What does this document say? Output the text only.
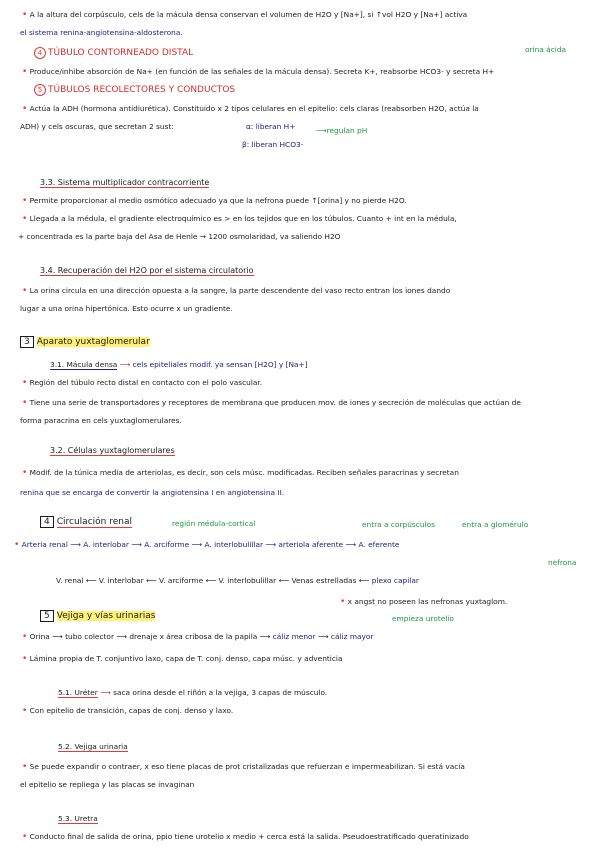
• A la altura del corpúsculo, cels de la mácula densa conservan el volumen de H2O y [Na+], si ↑vol H2O y [Na+] activa
el sistema renina-angiotensina-aldosterona.
4 TÚBULO CONTORNEADO DISTAL	orina ácida
• Produce/inhibe absorción de Na+ (en función de las señales de la mácula densa). Secreta K+, reabsorbe HCO3- y secreta H+
5 TÚBULOS RECOLECTORES Y CONDUCTOS
• Actúa la ADH (hormona antidiurética). Constituido x 2 tipos celulares en el epitelio: cels claras (reabsorben H2O, actúa la
ADH) y cels oscuras, que secretan 2 sust:	α: liberan H+	⟶regulan pH
β: liberan HCO3-
3.3. Sistema multiplicador contracorriente
• Permite proporcionar al medio osmótico adecuado ya que la nefrona puede ↑[orina] y no pierde H2O.
• Llegada a la médula, el gradiente electroquímico es > en los tejidos que en los túbulos. Cuanto + int en la médula,
+ concentrada es la parte baja del Asa de Henle → 1200 osmolaridad, va saliendo H2O
3.4. Recuperación del H2O por el sistema circulatorio
• La orina circula en una dirección opuesta a la sangre, la parte descendente del vaso recto entran los iones dando
lugar a una orina hipertónica. Esto ocurre x un gradiente.
3 Aparato yuxtaglomerular
3.1. Mácula densa ⟶ cels epiteliales modif. ya sensan [H2O] y [Na+]
• Región del túbulo recto distal en contacto con el polo vascular.
• Tiene una serie de transportadores y receptores de membrana que producen mov. de iones y secreción de moléculas que actúan de
forma paracrina en cels yuxtaglomerulares.
3.2. Células yuxtaglomerulares
• Modif. de la túnica media de arteriolas, es decir, son cels músc. modificadas. Reciben señales paracrinas y secretan
renina que se encarga de convertir la angiotensina I en angiotensina II.
4 Circulación renal	región médula-cortical	entra a corpúsculos	entra a glomérulo
nefrona
• Arteria renal ⟶ A. interlobar ⟶ A. arciforme ⟶ A. interlobulillar ⟶ arteriola aferente ⟶ A. eferente
V. renal ⟵ V. interlobar ⟵ V. arciforme ⟵ V. interlobulillar ⟵ Venas estrelladas ⟵ plexo capilar
• x angst no poseen las nefronas yuxtaglom.
5 Vejiga y vías urinarias	empieza urotelio
• Orina ⟶ tubo colector ⟶ drenaje x área cribosa de la papila ⟶ cáliz menor ⟶ cáliz mayor
• Lámina propia de T. conjuntivo laxo, capa de T. conj. denso, capa músc. y adventicia
5.1. Uréter ⟶ saca orina desde el riñón a la vejiga, 3 capas de músculo.
• Con epitelio de transición, capas de conj. denso y laxo.
5.2. Vejiga urinaria
• Se puede expandir o contraer, x eso tiene placas de prot cristalizadas que refuerzan e impermeabilizan. Si está vacía
el epitelio se repliega y las placas se invaginan
5.3. Uretra
• Conducto final de salida de orina, ppio tiene urotelio x medio + cerca está la salida. Pseudoestratificado queratinizado
